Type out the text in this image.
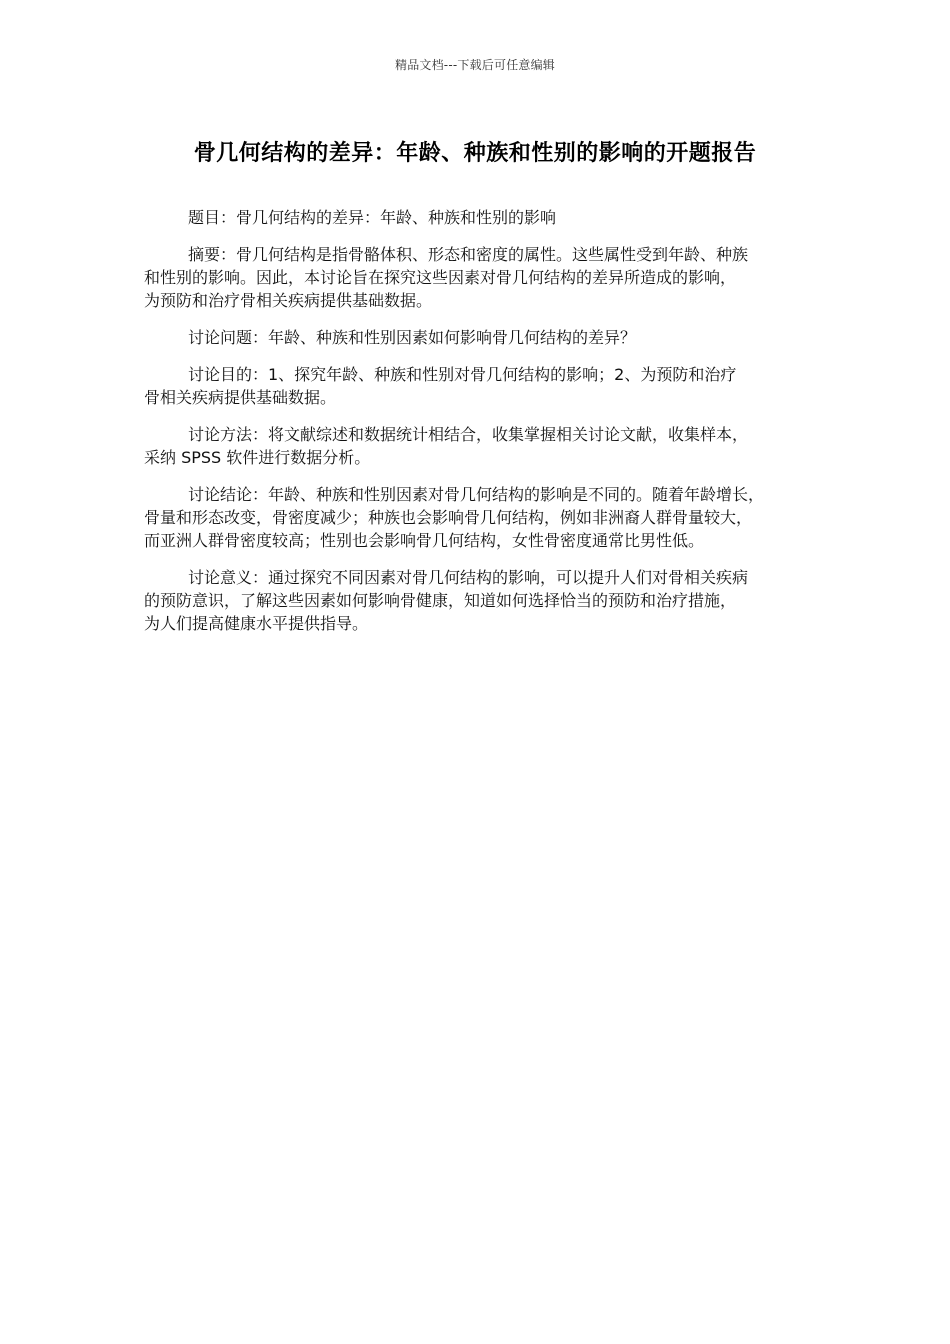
精品文档---下载后可任意编辑
骨几何结构的差异：年龄、种族和性别的影响的开题报告

题目：骨几何结构的差异：年龄、种族和性别的影响

摘要：骨几何结构是指骨骼体积、形态和密度的属性。这些属性受到年龄、种族
和性别的影响。因此，本讨论旨在探究这些因素对骨几何结构的差异所造成的影响，
为预防和治疗骨相关疾病提供基础数据。

讨论问题：年龄、种族和性别因素如何影响骨几何结构的差异？

讨论目的：1、探究年龄、种族和性别对骨几何结构的影响；2、为预防和治疗
骨相关疾病提供基础数据。

讨论方法：将文献综述和数据统计相结合，收集掌握相关讨论文献，收集样本，
采纳 SPSS 软件进行数据分析。

讨论结论：年龄、种族和性别因素对骨几何结构的影响是不同的。随着年龄增长，
骨量和形态改变，骨密度减少；种族也会影响骨几何结构，例如非洲裔人群骨量较大，
而亚洲人群骨密度较高；性别也会影响骨几何结构，女性骨密度通常比男性低。

讨论意义：通过探究不同因素对骨几何结构的影响，可以提升人们对骨相关疾病
的预防意识，了解这些因素如何影响骨健康，知道如何选择恰当的预防和治疗措施，
为人们提高健康水平提供指导。
